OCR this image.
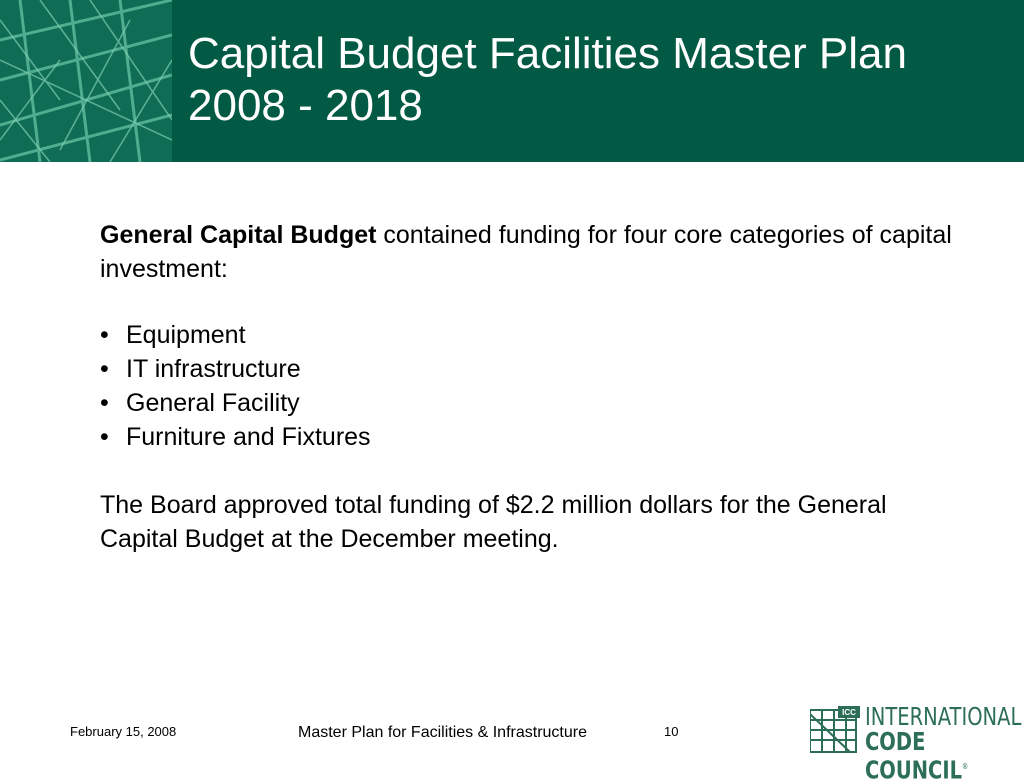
Capital Budget Facilities Master Plan
2008 - 2018

General Capital Budget contained funding for four core categories of capital investment:

• Equipment
• IT infrastructure
• General Facility
• Furniture and Fixtures

The Board approved total funding of $2.2 million dollars for the General Capital Budget at the December meeting.

February 15, 2008	Master Plan for Facilities & Infrastructure	10
ICC INTERNATIONAL
CODE COUNCIL®
